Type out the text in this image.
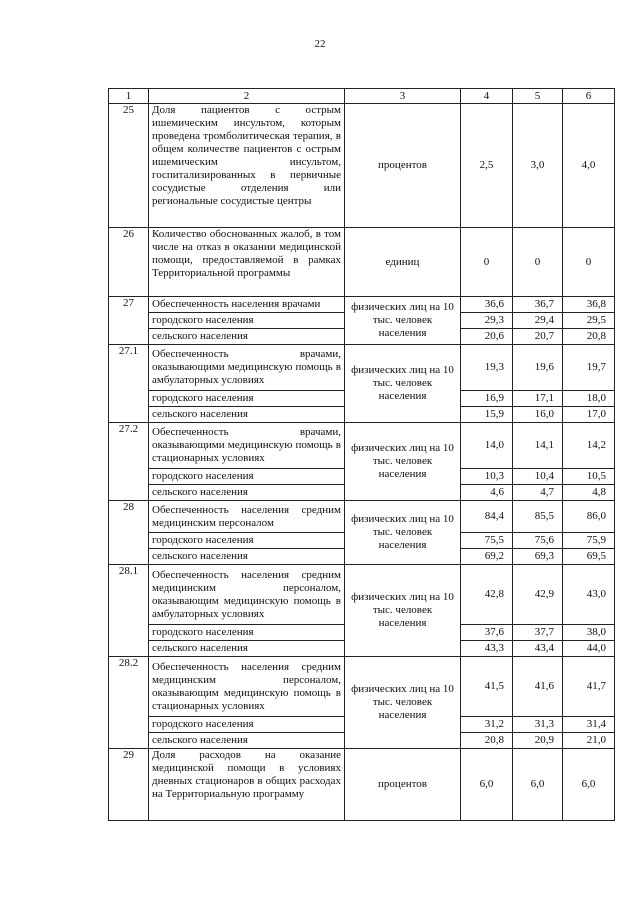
22
1	2	3	4	5	6
25	Доля пациентов с острым ишемическим инсультом, которым проведена тромболитическая терапия, в общем количестве пациентов с острым ишемическим инсультом, госпитализированных в первичные сосудистые отделения или региональные сосудистые центры	процентов	2,5	3,0	4,0
26	Количество обоснованных жалоб, в том числе на отказ в оказании медицинской помощи, предоставляемой в рамках Территориальной программы	единиц	0	0	0
27	Обеспеченность населения врачами	физических лиц на 10 тыс. человек населения	36,6	36,7	36,8
	городского населения		29,3	29,4	29,5
	сельского населения		20,6	20,7	20,8
27.1	Обеспеченность врачами, оказывающими медицинскую помощь в амбулаторных условиях	физических лиц на 10 тыс. человек населения	19,3	19,6	19,7
	городского населения		16,9	17,1	18,0
	сельского населения		15,9	16,0	17,0
27.2	Обеспеченность врачами, оказывающими медицинскую помощь в стационарных условиях	физических лиц на 10 тыс. человек населения	14,0	14,1	14,2
	городского населения		10,3	10,4	10,5
	сельского населения		4,6	4,7	4,8
28	Обеспеченность населения средним медицинским персоналом	физических лиц на 10 тыс. человек населения	84,4	85,5	86,0
	городского населения		75,5	75,6	75,9
	сельского населения		69,2	69,3	69,5
28.1	Обеспеченность населения средним медицинским персоналом, оказывающим медицинскую помощь в амбулаторных условиях	физических лиц на 10 тыс. человек населения	42,8	42,9	43,0
	городского населения		37,6	37,7	38,0
	сельского населения		43,3	43,4	44,0
28.2	Обеспеченность населения средним медицинским персоналом, оказывающим медицинскую помощь в стационарных условиях	физических лиц на 10 тыс. человек населения	41,5	41,6	41,7
	городского населения		31,2	31,3	31,4
	сельского населения		20,8	20,9	21,0
29	Доля расходов на оказание медицинской помощи в условиях дневных стационаров в общих расходах на Территориальную программу	процентов	6,0	6,0	6,0
